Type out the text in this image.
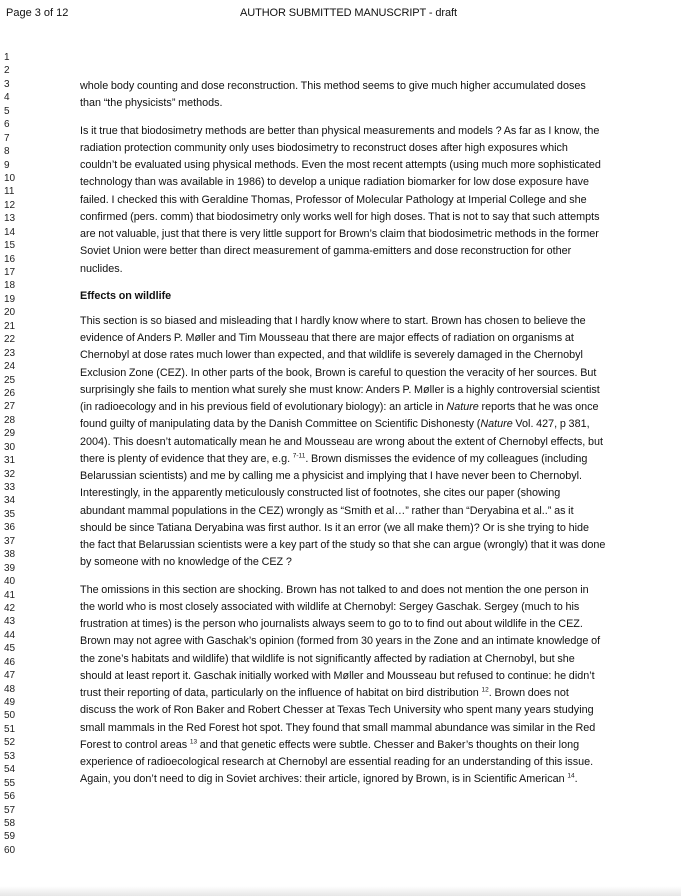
Page 3 of 12	AUTHOR SUBMITTED MANUSCRIPT - draft
1
2
3
4
5
6
7
8
9
10
11
12
13
14
15
16
17
18
19
20
21
22
23
24
25
26
27
28
29
30
31
32
33
34
35
36
37
38
39
40
41
42
43
44
45
46
47
48
49
50
51
52
53
54
55
56
57
58
59
60

whole body counting and dose reconstruction. This method seems to give much higher accumulated doses than “the physicists” methods.

Is it true that biodosimetry methods are better than physical measurements and models ? As far as I know, the radiation protection community only uses biodosimetry to reconstruct doses after high exposures which couldn’t be evaluated using physical methods. Even the most recent attempts (using much more sophisticated technology than was available in 1986) to develop a unique radiation biomarker for low dose exposure have failed. I checked this with Geraldine Thomas, Professor of Molecular Pathology at Imperial College and she confirmed (pers. comm) that biodosimetry only works well for high doses. That is not to say that such attempts are not valuable, just that there is very little support for Brown’s claim that biodosimetric methods in the former Soviet Union were better than direct measurement of gamma-emitters and dose reconstruction for other nuclides.

Effects on wildlife

This section is so biased and misleading that I hardly know where to start. Brown has chosen to believe the evidence of Anders P. Møller and Tim Mousseau that there are major effects of radiation on organisms at Chernobyl at dose rates much lower than expected, and that wildlife is severely damaged in the Chernobyl Exclusion Zone (CEZ). In other parts of the book, Brown is careful to question the veracity of her sources. But surprisingly she fails to mention what surely she must know: Anders P. Møller is a highly controversial scientist (in radioecology and in his previous field of evolutionary biology): an article in Nature reports that he was once found guilty of manipulating data by the Danish Committee on Scientific Dishonesty (Nature Vol. 427, p 381, 2004). This doesn’t automatically mean he and Mousseau are wrong about the extent of Chernobyl effects, but there is plenty of evidence that they are, e.g. $^{7-11}$. Brown dismisses the evidence of my colleagues (including Belarussian scientists) and me by calling me a physicist and implying that I have never been to Chernobyl. Interestingly, in the apparently meticulously constructed list of footnotes, she cites our paper (showing abundant mammal populations in the CEZ) wrongly as “Smith et al…” rather than “Deryabina et al..” as it should be since Tatiana Deryabina was first author. Is it an error (we all make them)? Or is she trying to hide the fact that Belarussian scientists were a key part of the study so that she can argue (wrongly) that it was done by someone with no knowledge of the CEZ ?

The omissions in this section are shocking. Brown has not talked to and does not mention the one person in the world who is most closely associated with wildlife at Chernobyl: Sergey Gaschak. Sergey (much to his frustration at times) is the person who journalists always seem to go to to find out about wildlife in the CEZ. Brown may not agree with Gaschak’s opinion (formed from 30 years in the Zone and an intimate knowledge of the zone’s habitats and wildlife) that wildlife is not significantly affected by radiation at Chernobyl, but she should at least report it. Gaschak initially worked with Møller and Mousseau but refused to continue: he didn’t trust their reporting of data, particularly on the influence of habitat on bird distribution $^{12}$. Brown does not discuss the work of Ron Baker and Robert Chesser at Texas Tech University who spent many years studying small mammals in the Red Forest hot spot. They found that small mammal abundance was similar in the Red Forest to control areas $^{13}$ and that genetic effects were subtle. Chesser and Baker’s thoughts on their long experience of radioecological research at Chernobyl are essential reading for an understanding of this issue. Again, you don’t need to dig in Soviet archives: their article, ignored by Brown, is in Scientific American $^{14}$.
